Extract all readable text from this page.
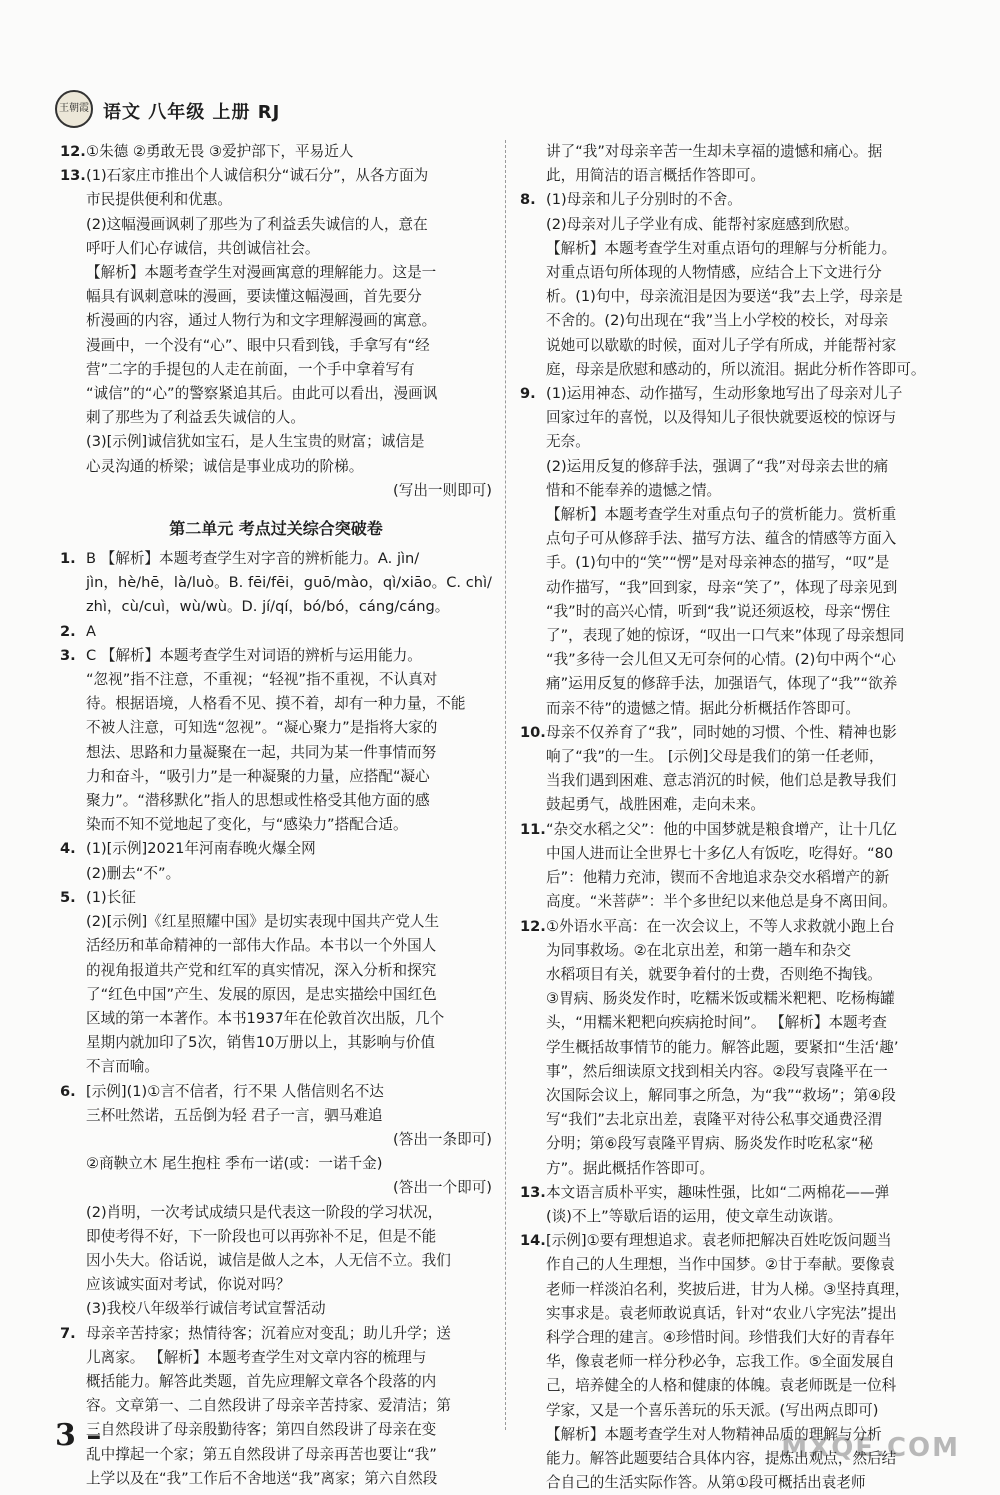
王朝霞 语文 八年级 上册 RJ
12. ①朱德 ②勇敢无畏 ③爱护部下，平易近人

13. (1)石家庄市推出个人诚信积分“诚石分”，从各方面为

市民提供便利和优惠。

(2)这幅漫画讽刺了那些为了利益丢失诚信的人，意在

呼吁人们心存诚信，共创诚信社会。

【解析】本题考查学生对漫画寓意的理解能力。这是一

幅具有讽刺意味的漫画，要读懂这幅漫画，首先要分

析漫画的内容，通过人物行为和文字理解漫画的寓意。

漫画中，一个没有“心”、眼中只看到钱，手拿写有“经

营”二字的手提包的人走在前面，一个手中拿着写有

“诚信”的“心”的警察紧追其后。由此可以看出，漫画讽

刺了那些为了利益丢失诚信的人。

(3)[示例]诚信犹如宝石，是人生宝贵的财富；诚信是

心灵沟通的桥梁；诚信是事业成功的阶梯。

(写出一则即可)

第二单元 考点过关综合突破卷
1. B 【解析】本题考查学生对字音的辨析能力。A. jìn/

jìn，hè/hē，là/luò。B. fēi/fēi，guō/mào，qì/xiāo。C. chì/

zhì，cù/cuì，wù/wù。D. jí/qí，bó/bó，cáng/cáng。

2. A

3. C 【解析】本题考查学生对词语的辨析与运用能力。

“忽视”指不注意，不重视；“轻视”指不重视，不认真对

待。根据语境，人格看不见、摸不着，却有一种力量，不能

不被人注意，可知选“忽视”。“凝心聚力”是指将大家的

想法、思路和力量凝聚在一起，共同为某一件事情而努

力和奋斗，“吸引力”是一种凝聚的力量，应搭配“凝心

聚力”。“潜移默化”指人的思想或性格受其他方面的感

染而不知不觉地起了变化，与“感染力”搭配合适。

4. (1)[示例]2021年河南春晚火爆全网

(2)删去“不”。

5. (1)长征

(2)[示例]《红星照耀中国》是切实表现中国共产党人生

活经历和革命精神的一部伟大作品。本书以一个外国人

的视角报道共产党和红军的真实情况，深入分析和探究

了“红色中国”产生、发展的原因，是忠实描绘中国红色

区域的第一本著作。本书1937年在伦敦首次出版，几个

星期内就加印了5次，销售10万册以上，其影响与价值

不言而喻。

6. [示例](1)①言不信者，行不果 人偕信则名不达

三杯吐然诺，五岳倒为轻 君子一言，驷马难追

(答出一条即可)

②商鞅立木 尾生抱柱 季布一诺(或：一诺千金)

(答出一个即可)

(2)肖明，一次考试成绩只是代表这一阶段的学习状况，

即使考得不好，下一阶段也可以再弥补不足，但是不能

因小失大。俗话说，诚信是做人之本，人无信不立。我们

应该诚实面对考试，你说对吗？

(3)我校八年级举行诚信考试宣誓活动

7. 母亲辛苦持家；热情待客；沉着应对变乱；助儿升学；送

儿离家。 【解析】本题考查学生对文章内容的梳理与

概括能力。解答此类题，首先应理解文章各个段落的内

容。文章第一、二自然段讲了母亲辛苦持家、爱清洁；第

三自然段讲了母亲殷勤待客；第四自然段讲了母亲在变

乱中撑起一个家；第五自然段讲了母亲再苦也要让“我”

上学以及在“我”工作后不舍地送“我”离家；第六自然段

讲了“我”对母亲辛苦一生却未享福的遗憾和痛心。据

此，用简洁的语言概括作答即可。

8. (1)母亲和儿子分别时的不舍。

(2)母亲对儿子学业有成、能帮衬家庭感到欣慰。

【解析】本题考查学生对重点语句的理解与分析能力。

对重点语句所体现的人物情感，应结合上下文进行分

析。(1)句中，母亲流泪是因为要送“我”去上学，母亲是

不舍的。(2)句出现在“我”当上小学校的校长，对母亲

说她可以歇歇的时候，面对儿子学有所成，并能帮衬家

庭，母亲是欣慰和感动的，所以流泪。据此分析作答即可。

9. (1)运用神态、动作描写，生动形象地写出了母亲对儿子

回家过年的喜悦，以及得知儿子很快就要返校的惊讶与

无奈。

(2)运用反复的修辞手法，强调了“我”对母亲去世的痛

惜和不能奉养的遗憾之情。

【解析】本题考查学生对重点句子的赏析能力。赏析重

点句子可从修辞手法、描写方法、蕴含的情感等方面入

手。(1)句中的“笑”“愣”是对母亲神态的描写，“叹”是

动作描写，“我”回到家，母亲“笑了”，体现了母亲见到

“我”时的高兴心情，听到“我”说还须返校，母亲“愣住

了”，表现了她的惊讶，“叹出一口气来”体现了母亲想同

“我”多待一会儿但又无可奈何的心情。(2)句中两个“心

痛”运用反复的修辞手法，加强语气，体现了“我”“欲养

而亲不待”的遗憾之情。据此分析概括作答即可。

10. 母亲不仅养育了“我”，同时她的习惯、个性、精神也影

响了“我”的一生。 [示例]父母是我们的第一任老师，

当我们遇到困难、意志消沉的时候，他们总是教导我们

鼓起勇气，战胜困难，走向未来。

11. “杂交水稻之父”：他的中国梦就是粮食增产，让十几亿

中国人进而让全世界七十多亿人有饭吃，吃得好。“80

后”：他精力充沛，锲而不舍地追求杂交水稻增产的新

高度。“米菩萨”：半个多世纪以来他总是身不离田间。

12. ①外语水平高：在一次会议上，不等人求救就小跑上台

为同事救场。②在北京出差，和第一趟车和杂交

水稻项目有关，就要争着付的士费，否则绝不掏钱。

③胃病、肠炎发作时，吃糯米饭或糯米粑粑、吃杨梅罐

头，“用糯米粑粑向疾病抢时间”。 【解析】本题考查

学生概括故事情节的能力。解答此题，要紧扣“生活‘趣’

事”，然后细读原文找到相关内容。②段写袁隆平在一

次国际会议上，解同事之所急，为“我”“救场”；第④段

写“我们”去北京出差，袁隆平对待公私事交通费泾渭

分明；第⑥段写袁隆平胃病、肠炎发作时吃私家“秘

方”。据此概括作答即可。

13. 本文语言质朴平实，趣味性强，比如“二两棉花——弹

(谈)不上”等歇后语的运用，使文章生动诙谐。

14. [示例]①要有理想追求。袁老师把解决百姓吃饭问题当

作自己的人生理想，当作中国梦。②甘于奉献。要像袁

老师一样淡泊名利，奖披后进，甘为人梯。③坚持真理，

实事求是。袁老师敢说真话，针对“农业八字宪法”提出

科学合理的建言。④珍惜时间。珍惜我们大好的青春年

华，像袁老师一样分秒必争，忘我工作。⑤全面发展自

己，培养健全的人格和健康的体魄。袁老师既是一位科

学家，又是一个喜乐善玩的乐天派。(写出两点即可)

【解析】本题考查学生对人物精神品质的理解与分析

能力。解答此题要结合具体内容，提炼出观点，然后结

合自己的生活实际作答。从第①段可概括出袁老师

3 –	MXQE.COM
